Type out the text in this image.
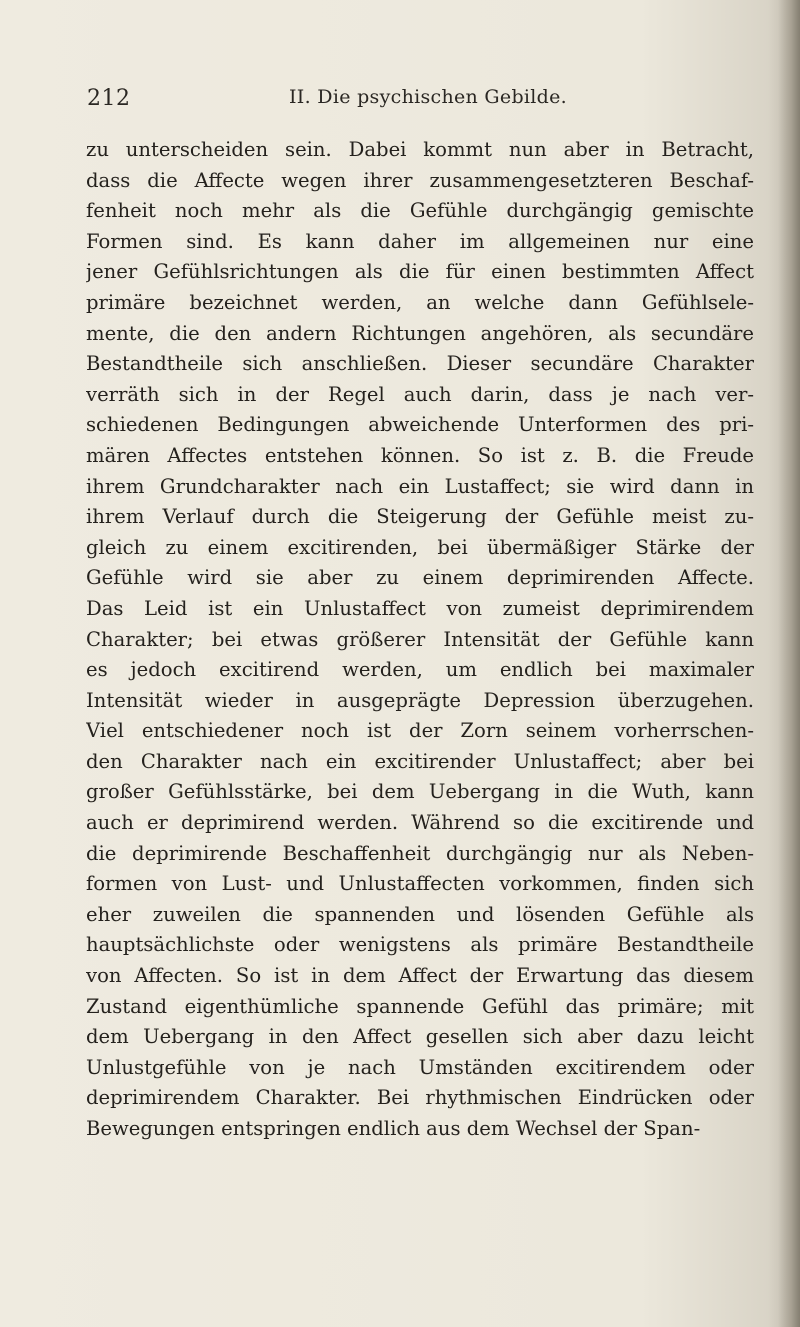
212	II. Die psychischen Gebilde.
zu unterscheiden sein. Dabei kommt nun aber in Betracht,
dass die Affecte wegen ihrer zusammengesetzteren Beschaf-
fenheit noch mehr als die Gefühle durchgängig gemischte
Formen sind. Es kann daher im allgemeinen nur eine
jener Gefühlsrichtungen als die für einen bestimmten Affect
primäre bezeichnet werden, an welche dann Gefühlsele-
mente, die den andern Richtungen angehören, als secundäre
Bestandtheile sich anschließen. Dieser secundäre Charakter
verräth sich in der Regel auch darin, dass je nach ver-
schiedenen Bedingungen abweichende Unterformen des pri-
mären Affectes entstehen können. So ist z. B. die Freude
ihrem Grundcharakter nach ein Lustaffect; sie wird dann in
ihrem Verlauf durch die Steigerung der Gefühle meist zu-
gleich zu einem excitirenden, bei übermäßiger Stärke der
Gefühle wird sie aber zu einem deprimirenden Affecte.
Das Leid ist ein Unlustaffect von zumeist deprimirendem
Charakter; bei etwas größerer Intensität der Gefühle kann
es jedoch excitirend werden, um endlich bei maximaler
Intensität wieder in ausgeprägte Depression überzugehen.
Viel entschiedener noch ist der Zorn seinem vorherrschen-
den Charakter nach ein excitirender Unlustaffect; aber bei
großer Gefühlsstärke, bei dem Uebergang in die Wuth, kann
auch er deprimirend werden. Während so die excitirende und
die deprimirende Beschaffenheit durchgängig nur als Neben-
formen von Lust- und Unlustaffecten vorkommen, finden sich
eher zuweilen die spannenden und lösenden Gefühle als
hauptsächlichste oder wenigstens als primäre Bestandtheile
von Affecten. So ist in dem Affect der Erwartung das diesem
Zustand eigenthümliche spannende Gefühl das primäre; mit
dem Uebergang in den Affect gesellen sich aber dazu leicht
Unlustgefühle von je nach Umständen excitirendem oder
deprimirendem Charakter. Bei rhythmischen Eindrücken oder
Bewegungen entspringen endlich aus dem Wechsel der Span-
